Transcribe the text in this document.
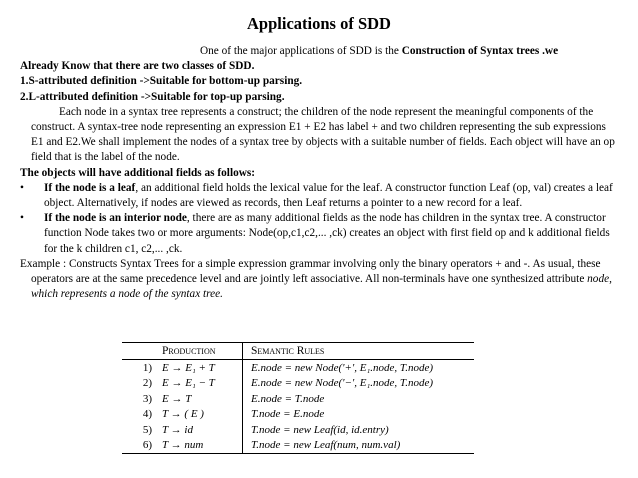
Applications of SDD

One of the major applications of SDD is the Construction of Syntax trees .we

Already Know that there are two classes of SDD.

1.S-attributed definition ->Suitable for bottom-up parsing.

2.L-attributed definition ->Suitable for top-up parsing.

Each node in a syntax tree represents a construct; the children of the node represent the meaningful components of the construct. A syntax-tree node representing an expression E1 + E2 has label + and two children representing the sub expressions E1 and E2.We shall implement the nodes of a syntax tree by objects with a suitable number of fields. Each object will have an op field that is the label of the node.

The objects will have additional fields as follows:

•	If the node is a leaf, an additional field holds the lexical value for the leaf. A constructor function Leaf (op, val) creates a leaf object. Alternatively, if nodes are viewed as records, then Leaf returns a pointer to a new record for a leaf.
•	If the node is an interior node, there are as many additional fields as the node has children in the syntax tree. A constructor function Node takes two or more arguments: Node(op,c1,c2,... ,ck) creates an object with first field op and k additional fields for the k children c1, c2,... ,ck.

Example : Constructs Syntax Trees for a simple expression grammar involving only the binary operators + and -. As usual, these operators are at the same precedence level and are jointly left associative. All non-terminals have one synthesized attribute node, which represents a node of the syntax tree.

	Production	Semantic Rules
1)	E → E₁ + T	E.node = new Node('+', E₁.node, T.node)
2)	E → E₁ − T	E.node = new Node('−', E₁.node, T.node)
3)	E → T	E.node = T.node
4)	T → ( E )	T.node = E.node
5)	T → id	T.node = new Leaf(id, id.entry)
6)	T → num	T.node = new Leaf(num, num.val)
